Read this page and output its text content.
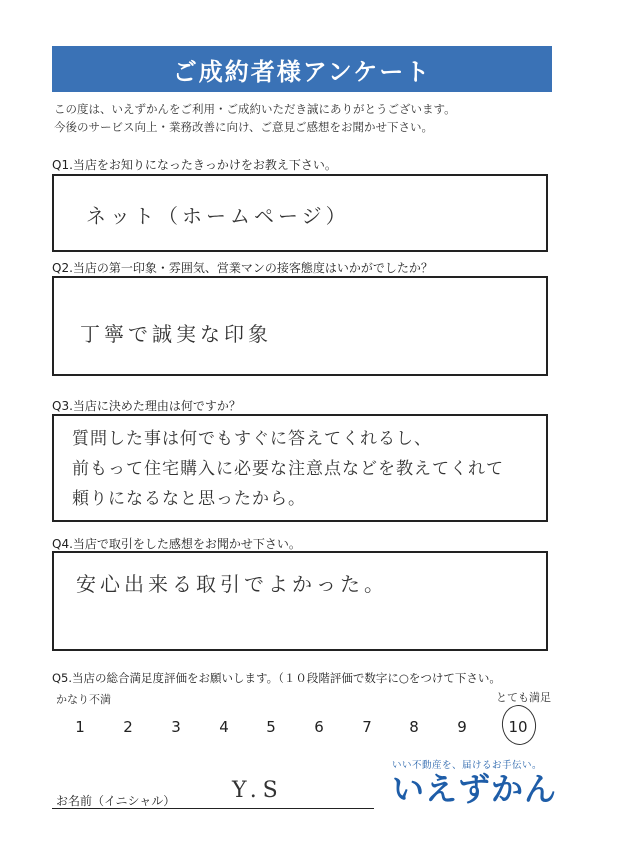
ご成約者様アンケート
この度は、いえずかんをご利用・ご成約いただき誠にありがとうございます。
今後のサービス向上・業務改善に向け、ご意見ご感想をお聞かせ下さい。
Q1.当店をお知りになったきっかけをお教え下さい。
ネット（ホームページ）
Q2.当店の第一印象・雰囲気、営業マンの接客態度はいかがでしたか？
丁寧で誠実な印象
Q3.当店に決めた理由は何ですか？
質問した事は何でもすぐに答えてくれるし、
前もって住宅購入に必要な注意点などを教えてくれて
頼りになるなと思ったから。
Q4.当店で取引をした感想をお聞かせ下さい。
安心出来る取引でよかった。
Q5.当店の総合満足度評価をお願いします。（１０段階評価で数字に○をつけて下さい。
かなり不満	とても満足
1	2	3	4	5	6	7	8	9	10
お名前（イニシャル）	Y.S
いい不動産を、届けるお手伝い。
いえずかん
